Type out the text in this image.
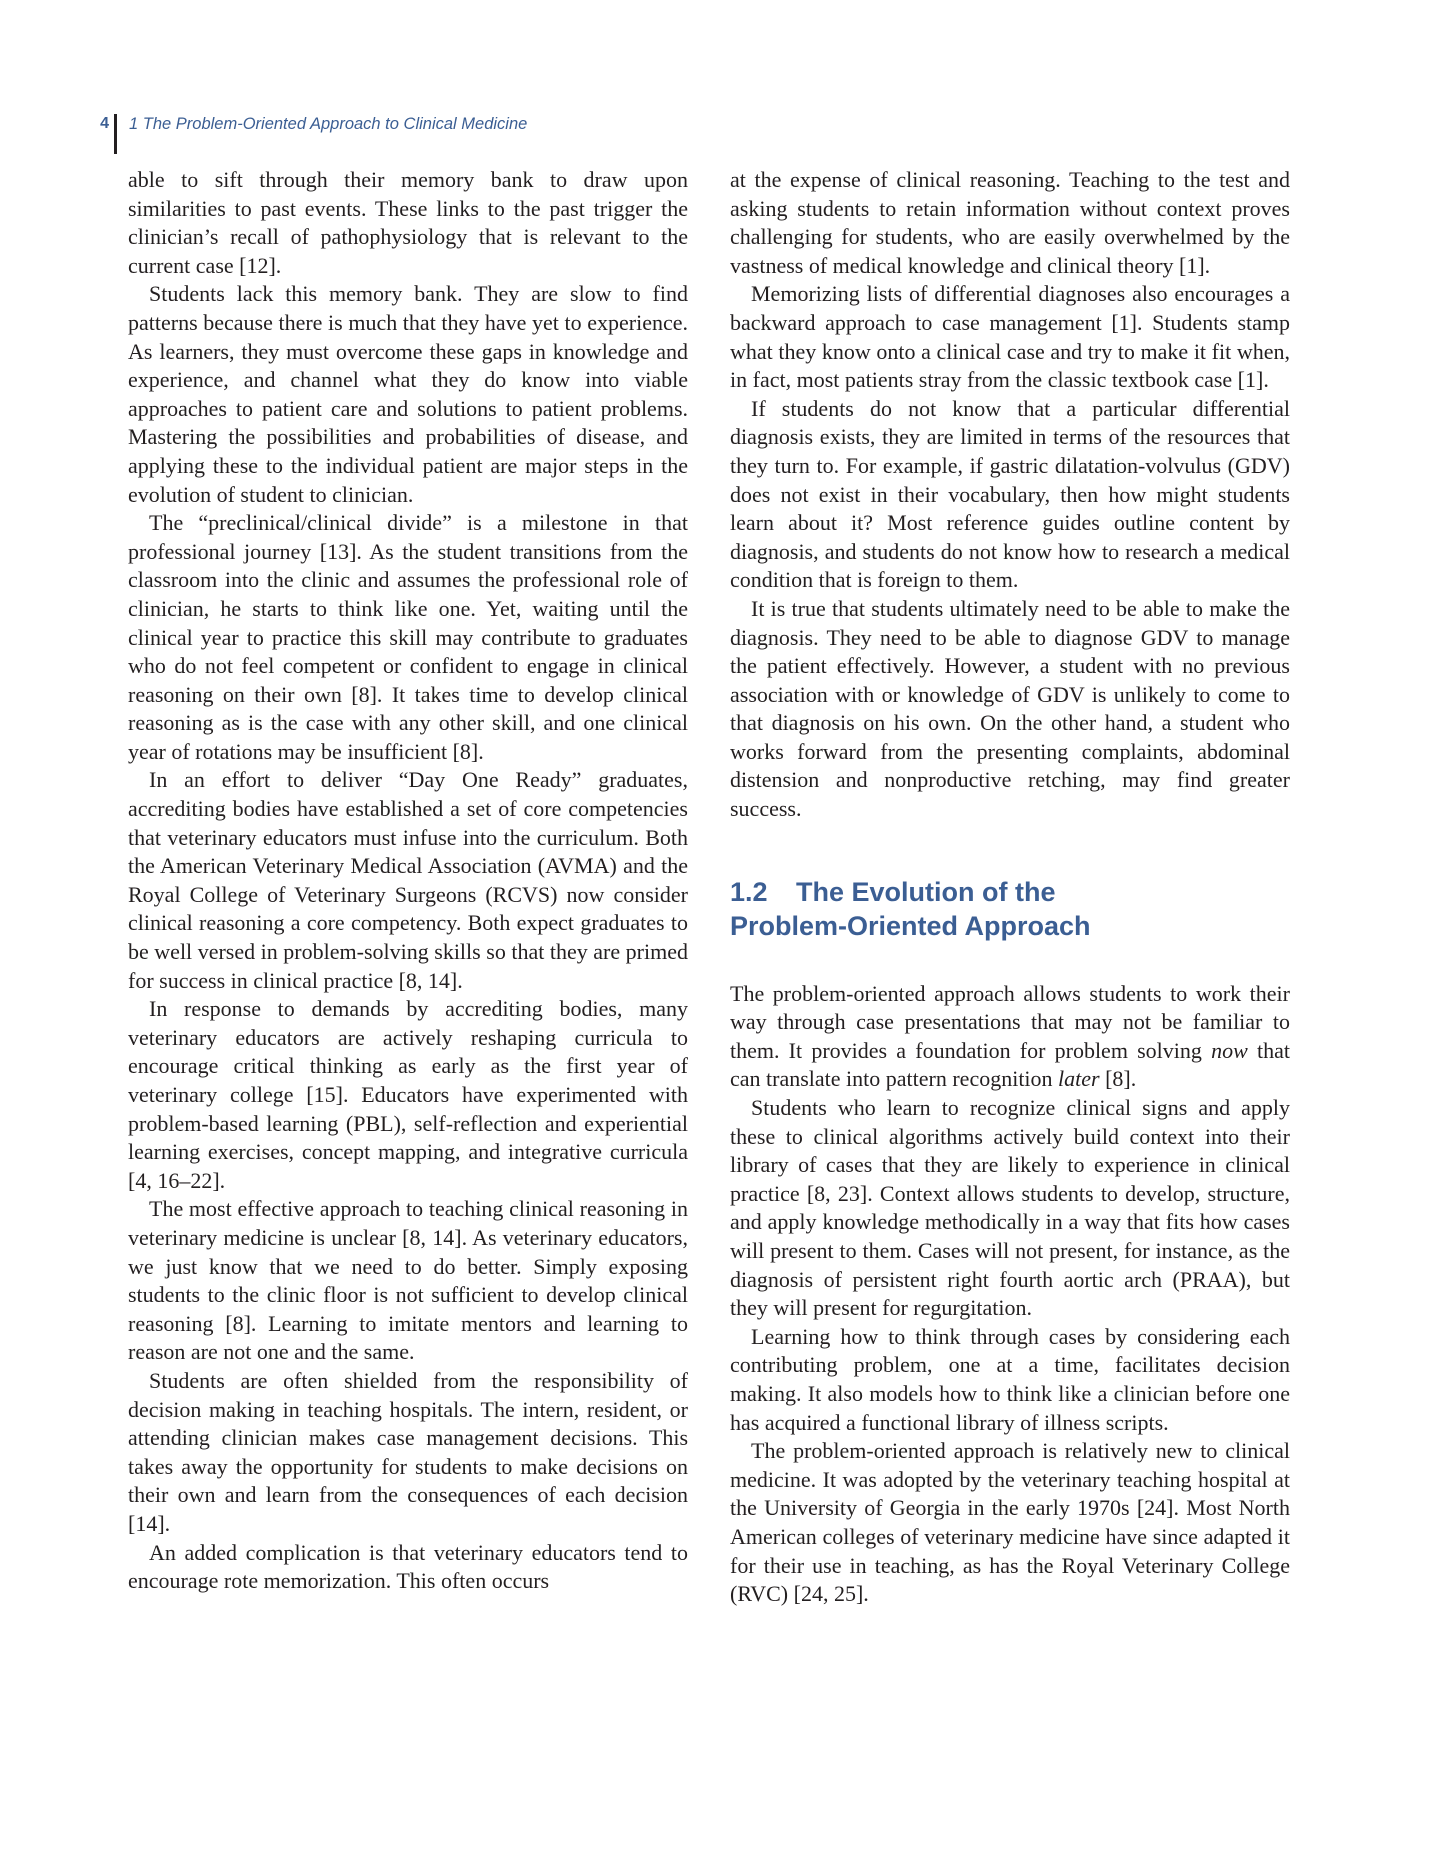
4 1 The Problem-Oriented Approach to Clinical Medicine

able to sift through their memory bank to draw upon similarities to past events. These links to the past trigger the clinician’s recall of pathophysiology that is relevant to the current case [12].

Students lack this memory bank. They are slow to find patterns because there is much that they have yet to experience. As learners, they must overcome these gaps in knowledge and experience, and channel what they do know into viable approaches to patient care and solutions to patient problems. Mastering the possibilities and probabilities of disease, and applying these to the individual patient are major steps in the evolution of student to clinician.

The “preclinical/clinical divide” is a milestone in that professional journey [13]. As the student transitions from the classroom into the clinic and assumes the professional role of clinician, he starts to think like one. Yet, waiting until the clinical year to practice this skill may contribute to graduates who do not feel competent or confident to engage in clinical reasoning on their own [8]. It takes time to develop clinical reasoning as is the case with any other skill, and one clinical year of rotations may be insufficient [8].

In an effort to deliver “Day One Ready” graduates, accrediting bodies have established a set of core competencies that veterinary educators must infuse into the curriculum. Both the American Veterinary Medical Association (AVMA) and the Royal College of Veterinary Surgeons (RCVS) now consider clinical reasoning a core competency. Both expect graduates to be well versed in problem-solving skills so that they are primed for success in clinical practice [8, 14].

In response to demands by accrediting bodies, many veterinary educators are actively reshaping curricula to encourage critical thinking as early as the first year of veterinary college [15]. Educators have experimented with problem-based learning (PBL), self-reflection and experiential learning exercises, concept mapping, and integrative curricula [4, 16–22].

The most effective approach to teaching clinical reasoning in veterinary medicine is unclear [8, 14]. As veterinary educators, we just know that we need to do better. Simply exposing students to the clinic floor is not sufficient to develop clinical reasoning [8]. Learning to imitate mentors and learning to reason are not one and the same.

Students are often shielded from the responsibility of decision making in teaching hospitals. The intern, resident, or attending clinician makes case management decisions. This takes away the opportunity for students to make decisions on their own and learn from the consequences of each decision [14].

An added complication is that veterinary educators tend to encourage rote memorization. This often occurs

at the expense of clinical reasoning. Teaching to the test and asking students to retain information without context proves challenging for students, who are easily overwhelmed by the vastness of medical knowledge and clinical theory [1].

Memorizing lists of differential diagnoses also encourages a backward approach to case management [1]. Students stamp what they know onto a clinical case and try to make it fit when, in fact, most patients stray from the classic textbook case [1].

If students do not know that a particular differential diagnosis exists, they are limited in terms of the resources that they turn to. For example, if gastric dilatation-volvulus (GDV) does not exist in their vocabulary, then how might students learn about it? Most reference guides outline content by diagnosis, and students do not know how to research a medical condition that is foreign to them.

It is true that students ultimately need to be able to make the diagnosis. They need to be able to diagnose GDV to manage the patient effectively. However, a student with no previous association with or knowledge of GDV is unlikely to come to that diagnosis on his own. On the other hand, a student who works forward from the presenting complaints, abdominal distension and nonproductive retching, may find greater success.

1.2 The Evolution of the
Problem-Oriented Approach

The problem-oriented approach allows students to work their way through case presentations that may not be familiar to them. It provides a foundation for problem solving now that can translate into pattern recognition later [8].

Students who learn to recognize clinical signs and apply these to clinical algorithms actively build context into their library of cases that they are likely to experience in clinical practice [8, 23]. Context allows students to develop, structure, and apply knowledge methodically in a way that fits how cases will present to them. Cases will not present, for instance, as the diagnosis of persistent right fourth aortic arch (PRAA), but they will present for regurgitation.

Learning how to think through cases by considering each contributing problem, one at a time, facilitates decision making. It also models how to think like a clinician before one has acquired a functional library of illness scripts.

The problem-oriented approach is relatively new to clinical medicine. It was adopted by the veterinary teaching hospital at the University of Georgia in the early 1970s [24]. Most North American colleges of veterinary medicine have since adapted it for their use in teaching, as has the Royal Veterinary College (RVC) [24, 25].
